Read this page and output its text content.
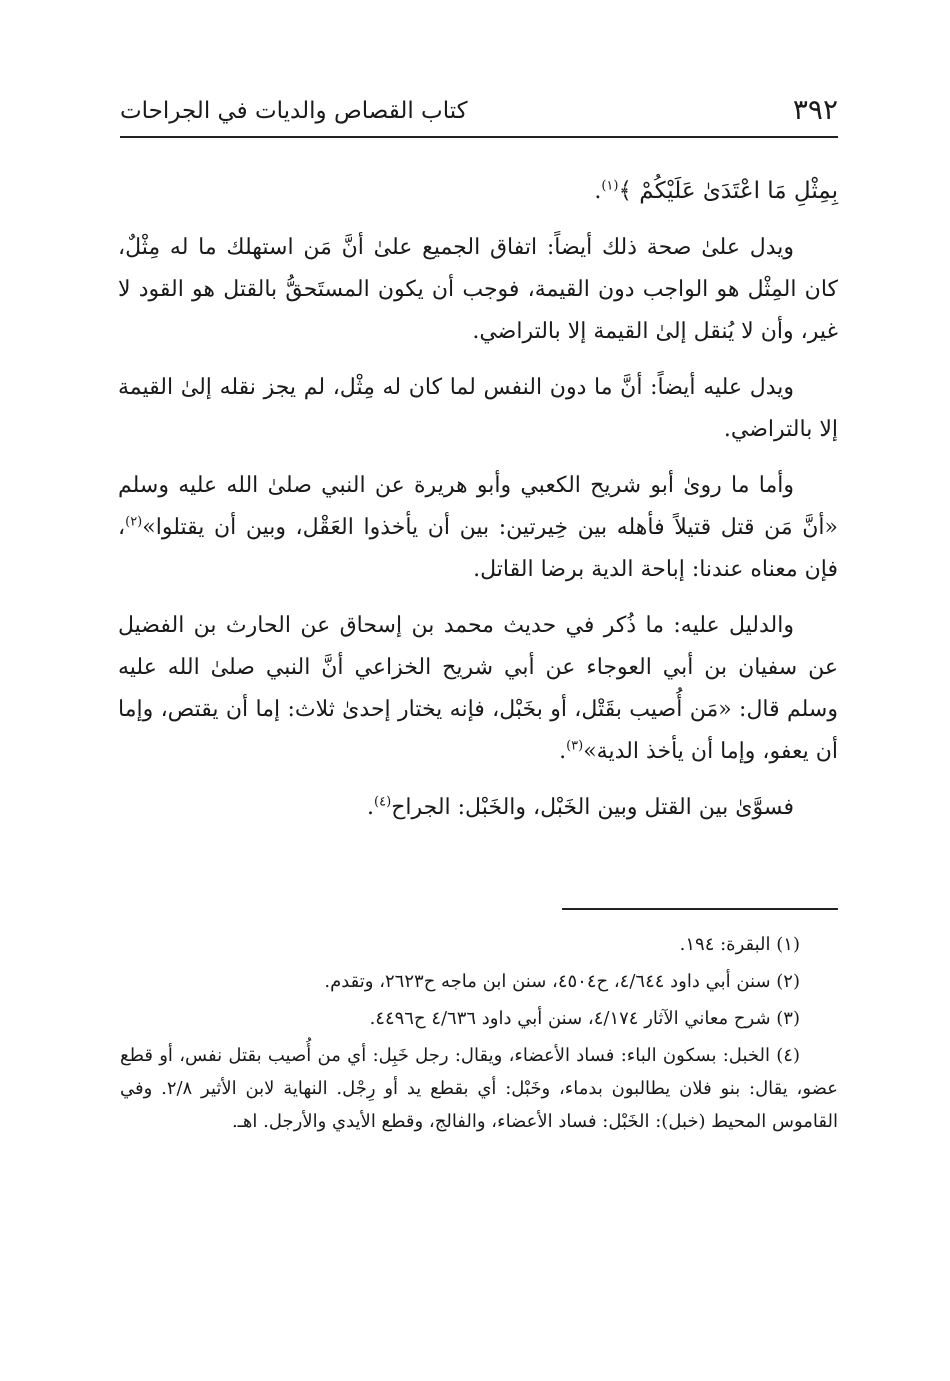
٣٩٢
كتاب القصاص والديات في الجراحات

بِمِثْلِ مَا اعْتَدَىٰ عَلَيْكُمْ ﴾$^{(١)}$.

ويدل علىٰ صحة ذلك أيضاً: اتفاق الجميع علىٰ أنَّ مَن استهلك ما له مِثْلٌ، كان المِثْل هو الواجب دون القيمة، فوجب أن يكون المستَحقُّ بالقتل هو القود لا غير، وأن لا يُنقل إلىٰ القيمة إلا بالتراضي.

ويدل عليه أيضاً: أنَّ ما دون النفس لما كان له مِثْل، لم يجز نقله إلىٰ القيمة إلا بالتراضي.

وأما ما روىٰ أبو شريح الكعبي وأبو هريرة عن النبي صلىٰ الله عليه وسلم «أنَّ مَن قتل قتيلاً فأهله بين خِيرتين: بين أن يأخذوا العَقْل، وبين أن يقتلوا»$^{(٢)}$، فإن معناه عندنا: إباحة الدية برضا القاتل.

والدليل عليه: ما ذُكر في حديث محمد بن إسحاق عن الحارث بن الفضيل عن سفيان بن أبي العوجاء عن أبي شريح الخزاعي أنَّ النبي صلىٰ الله عليه وسلم قال: «مَن أُصيب بقَتْل، أو بخَبْل، فإنه يختار إحدىٰ ثلاث: إما أن يقتص، وإما أن يعفو، وإما أن يأخذ الدية»$^{(٣)}$.

فسوَّىٰ بين القتل وبين الخَبْل، والخَبْل: الجراح$^{(٤)}$.

(١) البقرة: ١٩٤.

(٢) سنن أبي داود ٤/٦٤٤، ح٤٥٠٤، سنن ابن ماجه ح٢٦٢٣، وتقدم.

(٣) شرح معاني الآثار ٤/١٧٤، سنن أبي داود ٤/٦٣٦ ح٤٤٩٦.

(٤) الخبل: بسكون الباء: فساد الأعضاء، ويقال: رجل خَبِل: أي من أُصيب بقتل نفس، أو قطع عضو، يقال: بنو فلان يطالبون بدماء، وخَبْل: أي بقطع يد أو رِجْل. النهاية لابن الأثير ٢/٨. وفي القاموس المحيط (خبل): الخَبْل: فساد الأعضاء، والفالج، وقطع الأيدي والأرجل. اهـ.
